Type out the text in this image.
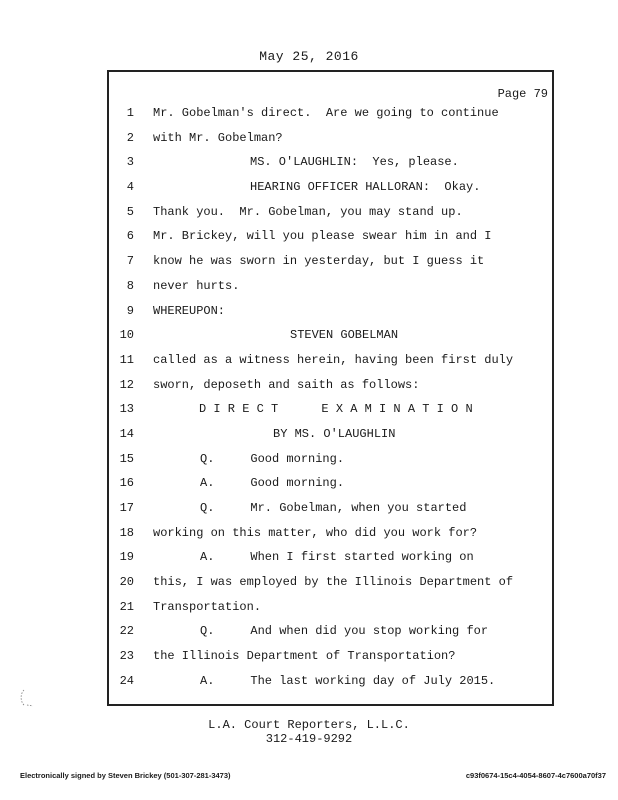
May 25, 2016
Page 79
1 Mr. Gobelman's direct.  Are we going to continue
2 with Mr. Gobelman?
3	MS. O'LAUGHLIN:  Yes, please.
4	HEARING OFFICER HALLORAN:  Okay.
5 Thank you.  Mr. Gobelman, you may stand up.
6 Mr. Brickey, will you please swear him in and I
7 know he was sworn in yesterday, but I guess it
8 never hurts.
9 WHEREUPON:
10	STEVEN GOBELMAN
11 called as a witness herein, having been first duly
12 sworn, deposeth and saith as follows:
13	D I R E C T      E X A M I N A T I O N
14	BY MS. O'LAUGHLIN
15	Q.     Good morning.
16	A.     Good morning.
17	Q.     Mr. Gobelman, when you started
18 working on this matter, who did you work for?
19	A.     When I first started working on
20 this, I was employed by the Illinois Department of
21 Transportation.
22	Q.     And when did you stop working for
23 the Illinois Department of Transportation?
24	A.     The last working day of July 2015.
L.A. Court Reporters, L.L.C.
312-419-9292
Electronically signed by Steven Brickey (501-307-281-3473)	c93f0674-15c4-4054-8607-4c7600a70f37
